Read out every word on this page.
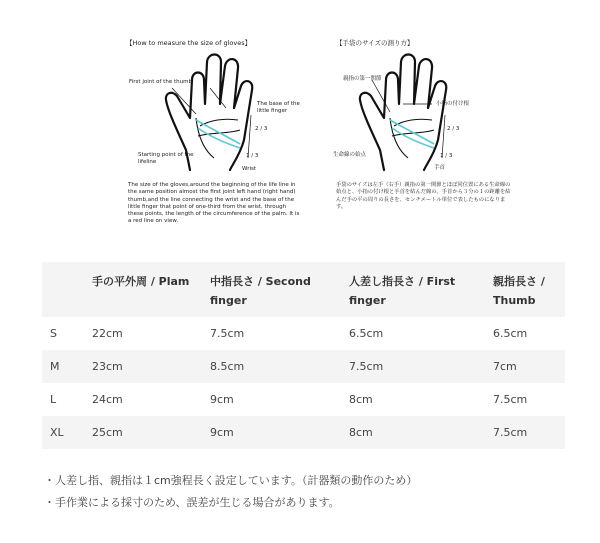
【How to measure the size of gloves】
First joint of the thumb
The base of the
little finger
2 / 3
1 / 3
Starting point of the
lifeline
Wrist
The size of the gloves,around the beginning of the life line in the same position almost the first joint left hand (right hand) thumb,and the line connecting the wrist and the base of the little finger that point of one-third from the wrist, through these points, the length of the circumference of the palm. It is a red line on view.
【手袋のサイズの測り方】
親指の第一関節
小指の付け根
2 / 3
1 / 3
生命線の始点
手首
手袋のサイズは左手（右手）親指の第一関節とほぼ同位置にある生命線の始点と、小指の付け根と手首を結んだ線の、手首から３分の１の距離を結んだ手の平の周りの長さを、センチメートル単位で表したものになります。
	手の平外周 / Plam	中指長さ / Second finger	人差し指長さ / First finger	親指長さ / Thumb
S	22cm	7.5cm	6.5cm	6.5cm
M	23cm	8.5cm	7.5cm	7cm
L	24cm	9cm	8cm	7.5cm
XL	25cm	9cm	8cm	7.5cm
・人差し指、親指は１cm強程長く設定しています。（計器類の動作のため）
・手作業による採寸のため、誤差が生じる場合があります。
